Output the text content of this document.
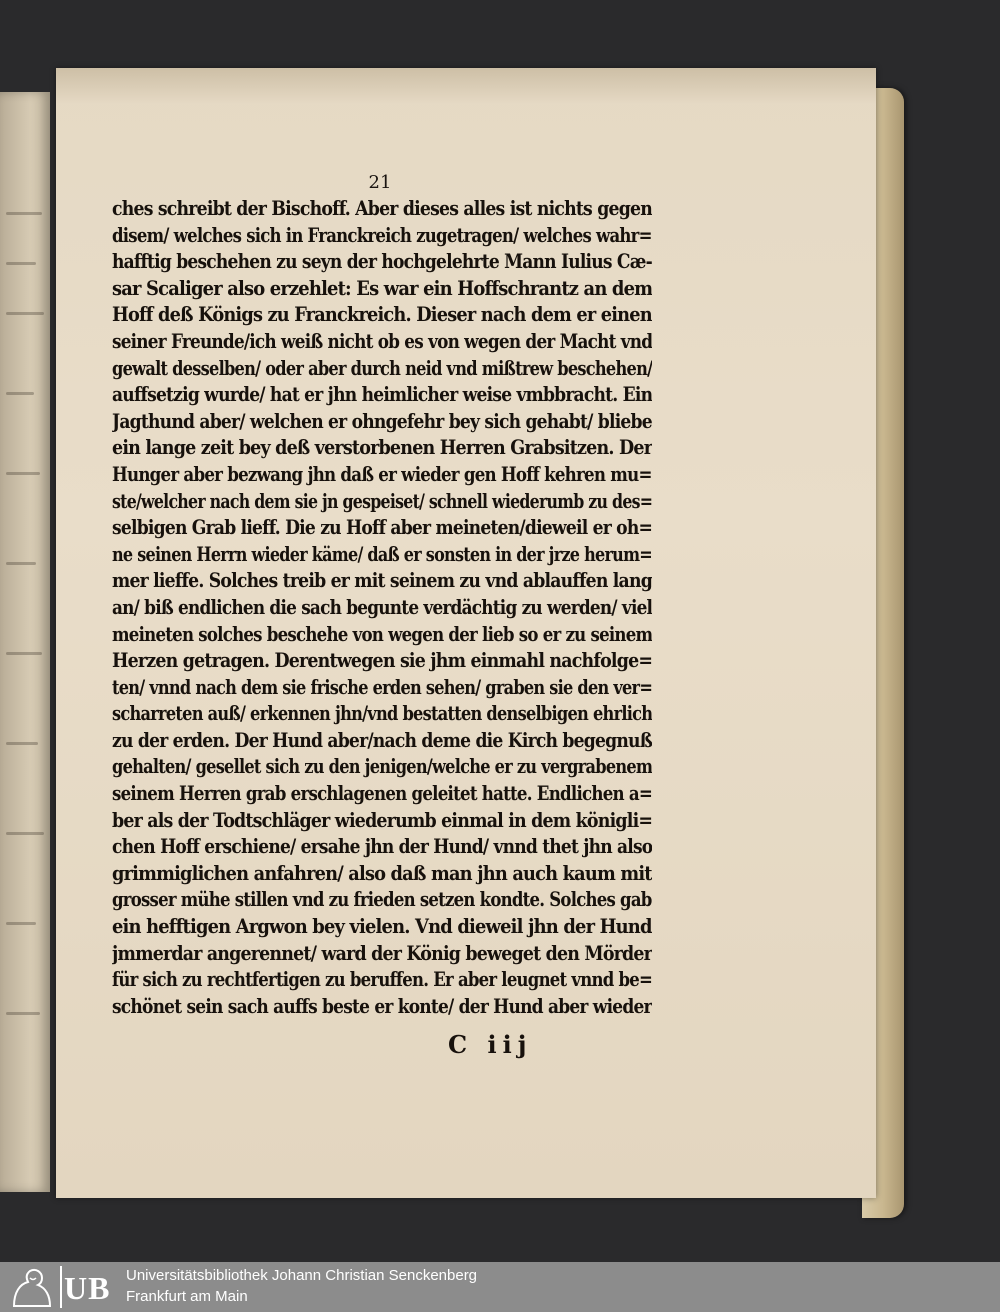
21
ches schreibt der Bischoff. Aber dieses alles ist nichts gegen
disem/ welches sich in Franckreich zugetragen/ welches wahr=
hafftig beschehen zu seyn der hochgelehrte Mann Iulius Cæ-
sar Scaliger also erzehlet: Es war ein Hoffschrantz an dem
Hoff deß Königs zu Franckreich. Dieser nach dem er einen
seiner Freunde/ich weiß nicht ob es von wegen der Macht vnd
gewalt desselben/ oder aber durch neid vnd mißtrew beschehen/
auffsetzig wurde/ hat er jhn heimlicher weise vmbbracht. Ein
Jagthund aber/ welchen er ohngefehr bey sich gehabt/ bliebe
ein lange zeit bey deß verstorbenen Herren Grabsitzen. Der
Hunger aber bezwang jhn daß er wieder gen Hoff kehren mu=
ste/welcher nach dem sie jn gespeiset/ schnell wiederumb zu des=
selbigen Grab lieff. Die zu Hoff aber meineten/dieweil er oh=
ne seinen Herrn wieder käme/ daß er sonsten in der jrze herum=
mer lieffe. Solches treib er mit seinem zu vnd ablauffen lang
an/ biß endlichen die sach begunte verdächtig zu werden/ viel
meineten solches beschehe von wegen der lieb so er zu seinem
Herzen getragen. Derentwegen sie jhm einmahl nachfolge=
ten/ vnnd nach dem sie frische erden sehen/ graben sie den ver=
scharreten auß/ erkennen jhn/vnd bestatten denselbigen ehrlich
zu der erden. Der Hund aber/nach deme die Kirch begegnuß
gehalten/ gesellet sich zu den jenigen/welche er zu vergrabenem
seinem Herren grab erschlagenen geleitet hatte. Endlichen a=
ber als der Todtschläger wiederumb einmal in dem königli=
chen Hoff erschiene/ ersahe jhn der Hund/ vnnd thet jhn also
grimmiglichen anfahren/ also daß man jhn auch kaum mit
grosser mühe stillen vnd zu frieden setzen kondte. Solches gab
ein hefftigen Argwon bey vielen. Vnd dieweil jhn der Hund
jmmerdar angerennet/ ward der König beweget den Mörder
für sich zu rechtfertigen zu beruffen. Er aber leugnet vnnd be=
schönet sein sach auffs beste er konte/ der Hund aber wieder
C iij
UB Universitätsbibliothek Johann Christian Senckenberg
Frankfurt am Main
